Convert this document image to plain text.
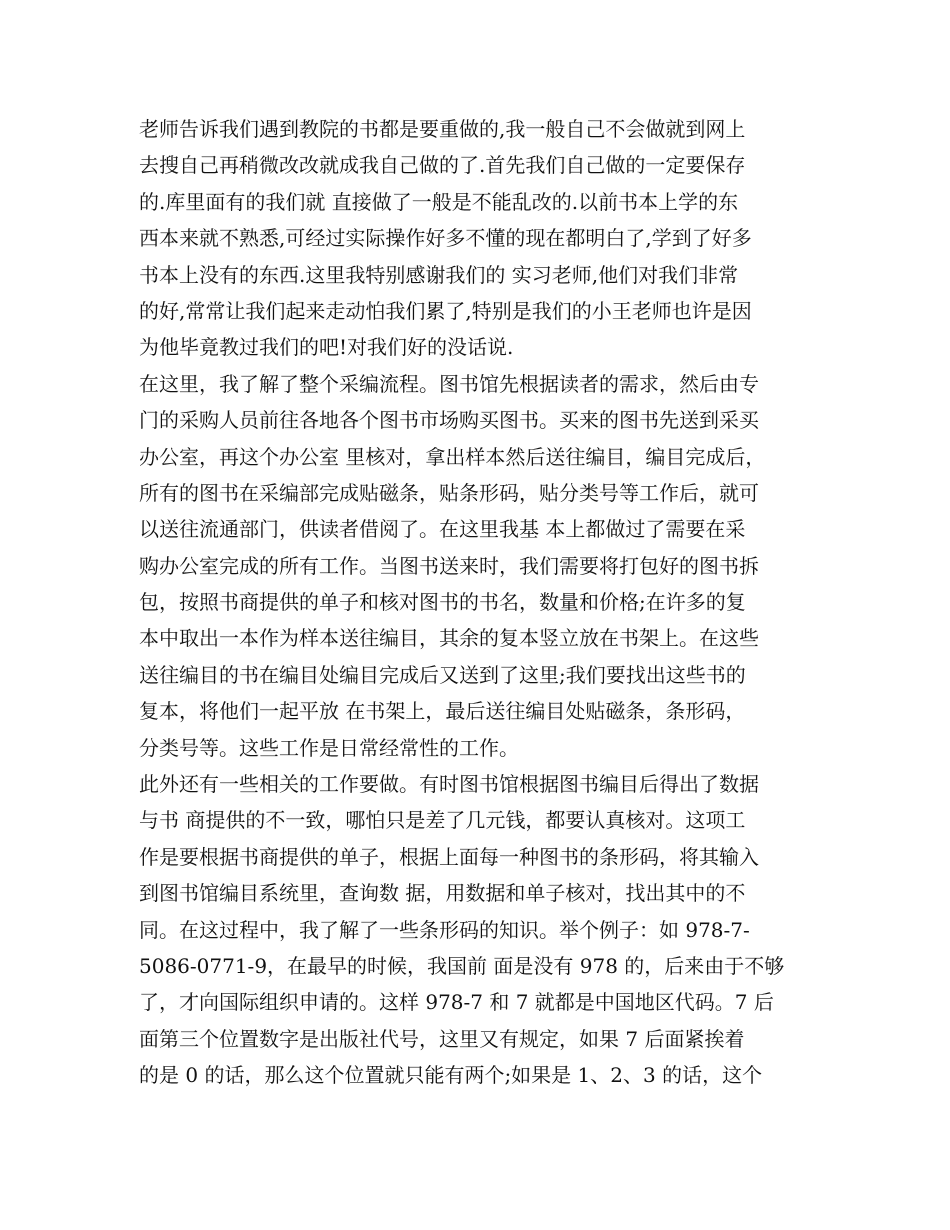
老师告诉我们遇到教院的书都是要重做的,我一般自己不会做就到网上
去搜自己再稍微改改就成我自己做的了.首先我们自己做的一定要保存
的.库里面有的我们就 直接做了一般是不能乱改的.以前书本上学的东
西本来就不熟悉,可经过实际操作好多不懂的现在都明白了,学到了好多
书本上没有的东西.这里我特别感谢我们的 实习老师,他们对我们非常
的好,常常让我们起来走动怕我们累了,特别是我们的小王老师也许是因
为他毕竟教过我们的吧!对我们好的没话说.
在这里，我了解了整个采编流程。图书馆先根据读者的需求，然后由专
门的采购人员前往各地各个图书市场购买图书。买来的图书先送到采买
办公室，再这个办公室 里核对，拿出样本然后送往编目，编目完成后，
所有的图书在采编部完成贴磁条，贴条形码，贴分类号等工作后，就可
以送往流通部门，供读者借阅了。在这里我基 本上都做过了需要在采
购办公室完成的所有工作。当图书送来时，我们需要将打包好的图书拆
包，按照书商提供的单子和核对图书的书名，数量和价格;在许多的复
本中取出一本作为样本送往编目，其余的复本竖立放在书架上。在这些
送往编目的书在编目处编目完成后又送到了这里;我们要找出这些书的
复本，将他们一起平放 在书架上，最后送往编目处贴磁条，条形码，
分类号等。这些工作是日常经常性的工作。
此外还有一些相关的工作要做。有时图书馆根据图书编目后得出了数据
与书 商提供的不一致，哪怕只是差了几元钱，都要认真核对。这项工
作是要根据书商提供的单子，根据上面每一种图书的条形码，将其输入
到图书馆编目系统里，查询数 据，用数据和单子核对，找出其中的不
同。在这过程中，我了解了一些条形码的知识。举个例子：如 978-7-
5086-0771-9，在最早的时候，我国前 面是没有 978 的，后来由于不够
了，才向国际组织申请的。这样 978-7 和 7 就都是中国地区代码。7 后
面第三个位置数字是出版社代号，这里又有规定，如果 7 后面紧挨着
的是 0 的话，那么这个位置就只能有两个;如果是 1、2、3 的话，这个
